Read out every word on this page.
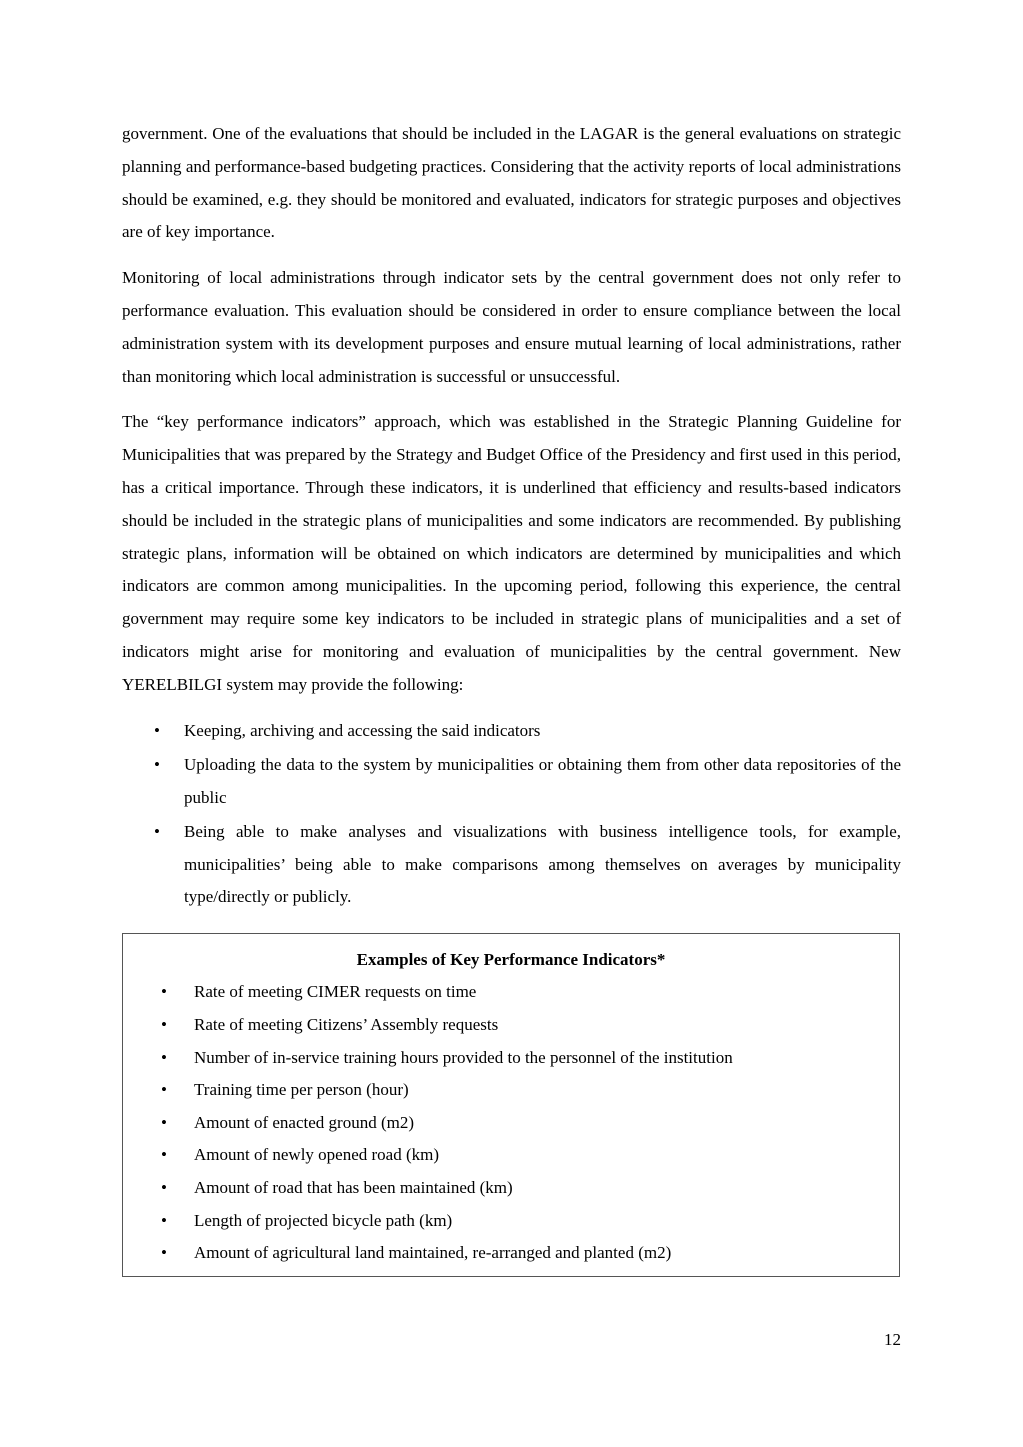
government. One of the evaluations that should be included in the LAGAR is the general evaluations on strategic planning and performance-based budgeting practices. Considering that the activity reports of local administrations should be examined, e.g. they should be monitored and evaluated, indicators for strategic purposes and objectives are of key importance.

Monitoring of local administrations through indicator sets by the central government does not only refer to performance evaluation. This evaluation should be considered in order to ensure compliance between the local administration system with its development purposes and ensure mutual learning of local administrations, rather than monitoring which local administration is successful or unsuccessful.

The “key performance indicators” approach, which was established in the Strategic Planning Guideline for Municipalities that was prepared by the Strategy and Budget Office of the Presidency and first used in this period, has a critical importance. Through these indicators, it is underlined that efficiency and results-based indicators should be included in the strategic plans of municipalities and some indicators are recommended. By publishing strategic plans, information will be obtained on which indicators are determined by municipalities and which indicators are common among municipalities. In the upcoming period, following this experience, the central government may require some key indicators to be included in strategic plans of municipalities and a set of indicators might arise for monitoring and evaluation of municipalities by the central government. New YERELBILGI system may provide the following:

• Keeping, archiving and accessing the said indicators
• Uploading the data to the system by municipalities or obtaining them from other data repositories of the public
• Being able to make analyses and visualizations with business intelligence tools, for example, municipalities’ being able to make comparisons among themselves on averages by municipality type/directly or publicly.

Examples of Key Performance Indicators*

• Rate of meeting CIMER requests on time
• Rate of meeting Citizens’ Assembly requests
• Number of in-service training hours provided to the personnel of the institution
• Training time per person (hour)
• Amount of enacted ground (m2)
• Amount of newly opened road (km)
• Amount of road that has been maintained (km)
• Length of projected bicycle path (km)
• Amount of agricultural land maintained, re-arranged and planted (m2)
12
